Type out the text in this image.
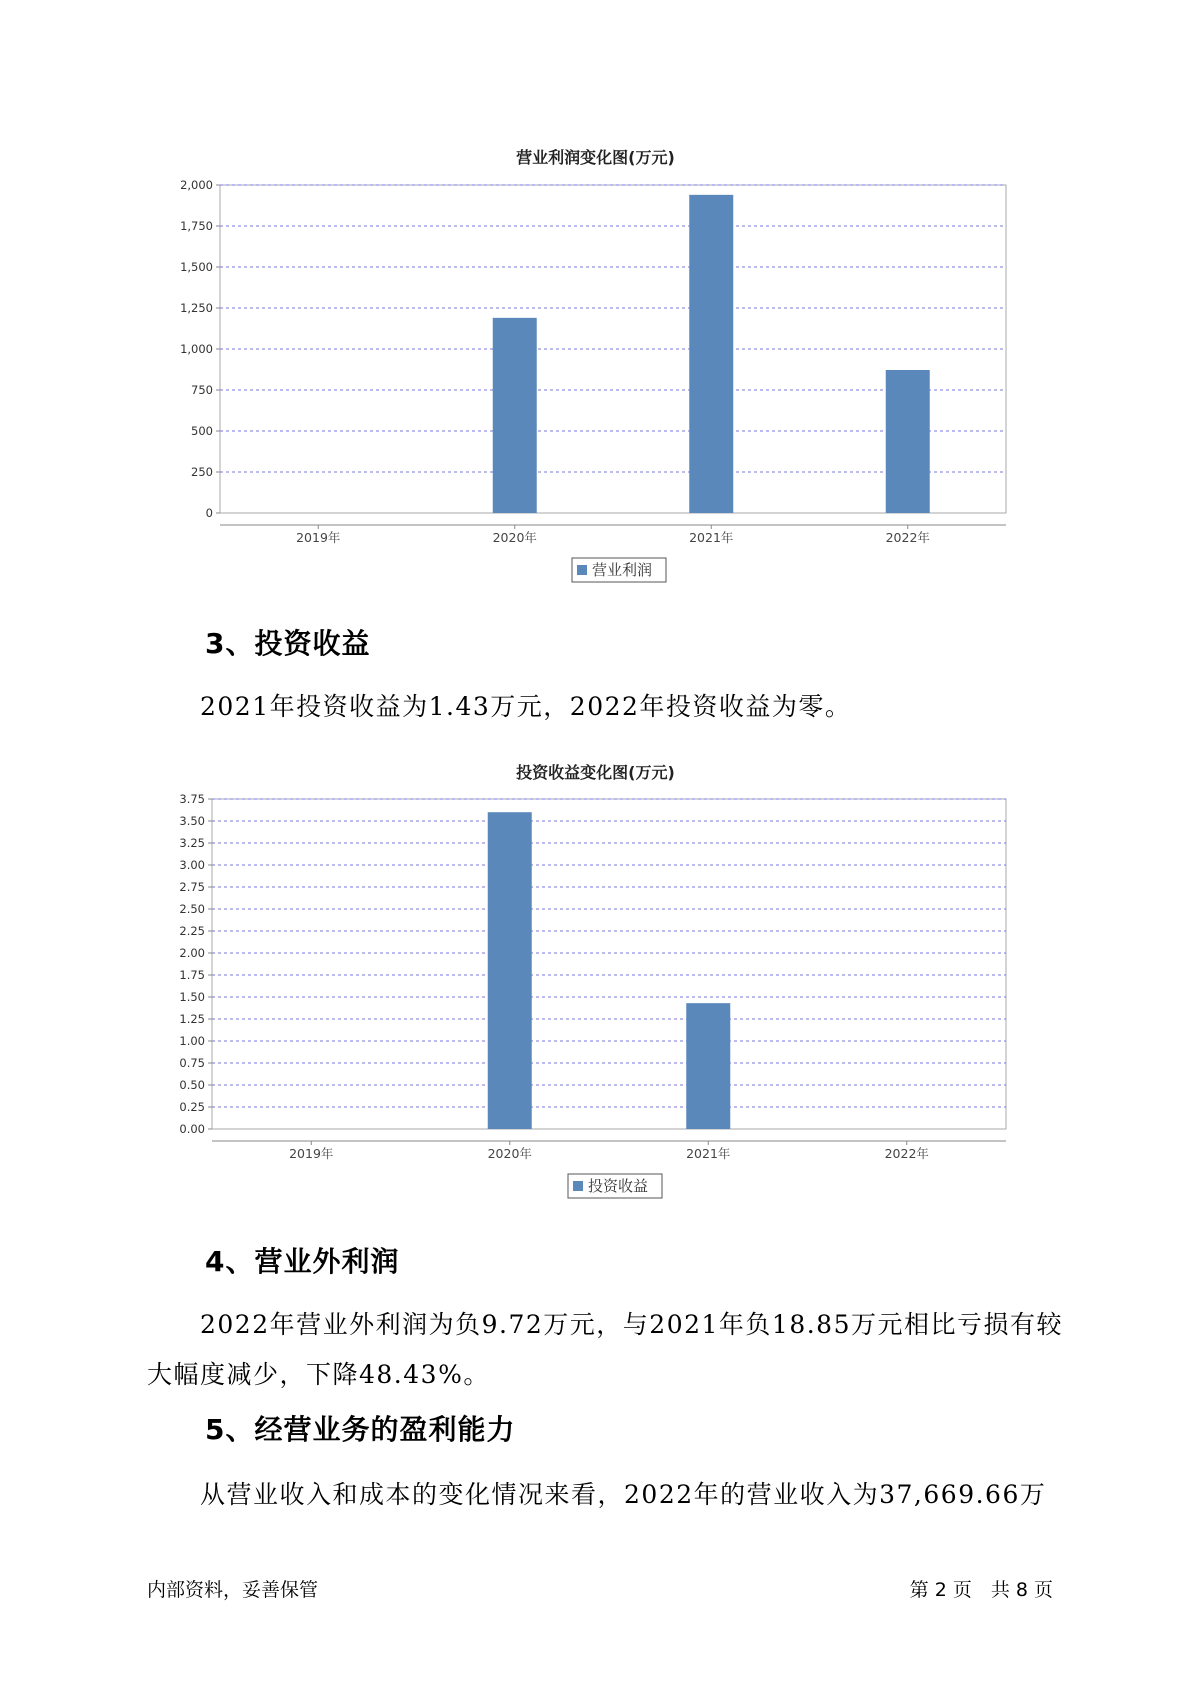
营业利润变化图(万元)
0
250
500
750
1,000
1,250
1,500
1,750
2,000
2019年	2020年	2021年	2022年
营业利润
3、投资收益
2021年投资收益为1.43万元，2022年投资收益为零。
投资收益变化图(万元)
0.00
0.25
0.50
0.75
1.00
1.25
1.50
1.75
2.00
2.25
2.50
2.75
3.00
3.25
3.50
3.75
2019年	2020年	2021年	2022年
投资收益
4、营业外利润
2022年营业外利润为负9.72万元，与2021年负18.85万元相比亏损有较
大幅度减少，下降48.43%。
5、经营业务的盈利能力
从营业收入和成本的变化情况来看，2022年的营业收入为37,669.66万
内部资料，妥善保管	第 2 页　共 8 页
